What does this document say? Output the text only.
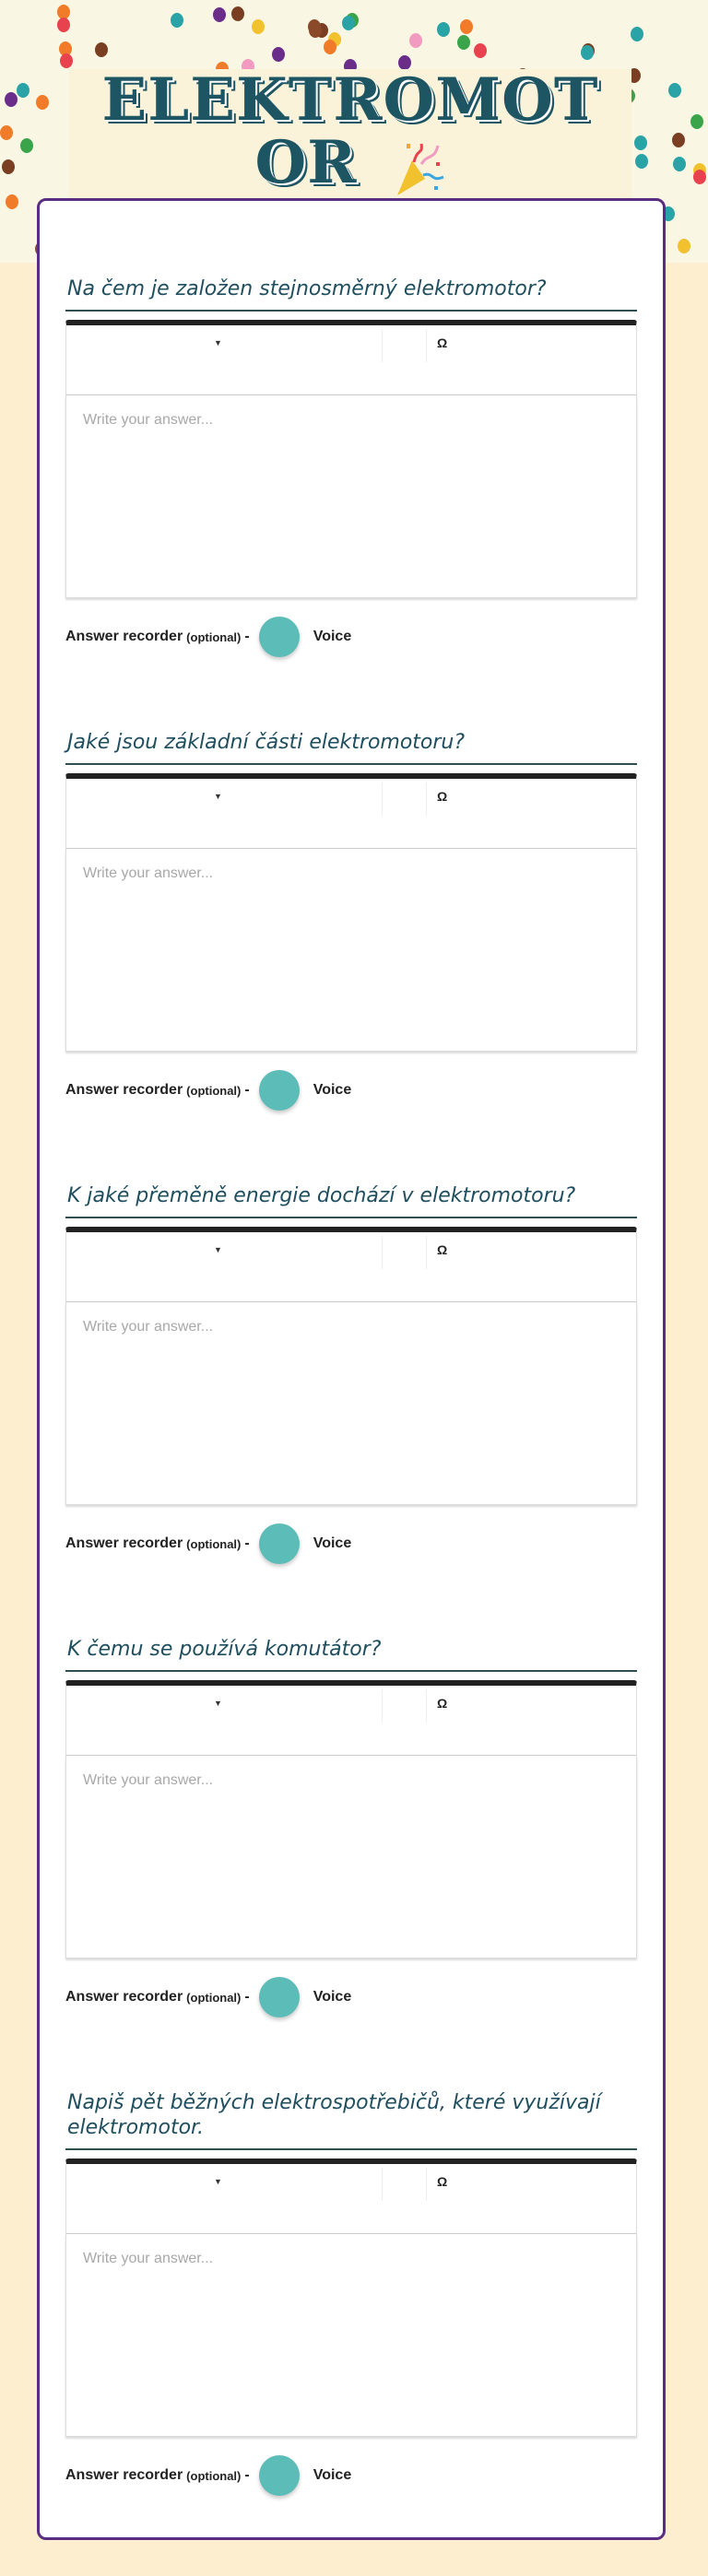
ELEKTROMOTOR
Na čem je založen stejnosměrný elektromotor?
▼	Ω
Write your answer...
Answer recorder (optional) -	Voice
Jaké jsou základní části elektromotoru?
▼	Ω
Write your answer...
Answer recorder (optional) -	Voice
K jaké přeměně energie dochází v elektromotoru?
▼	Ω
Write your answer...
Answer recorder (optional) -	Voice
K čemu se používá komutátor?
▼	Ω
Write your answer...
Answer recorder (optional) -	Voice
Napiš pět běžných elektrospotřebičů, které využívají elektromotor.
▼	Ω
Write your answer...
Answer recorder (optional) -	Voice
